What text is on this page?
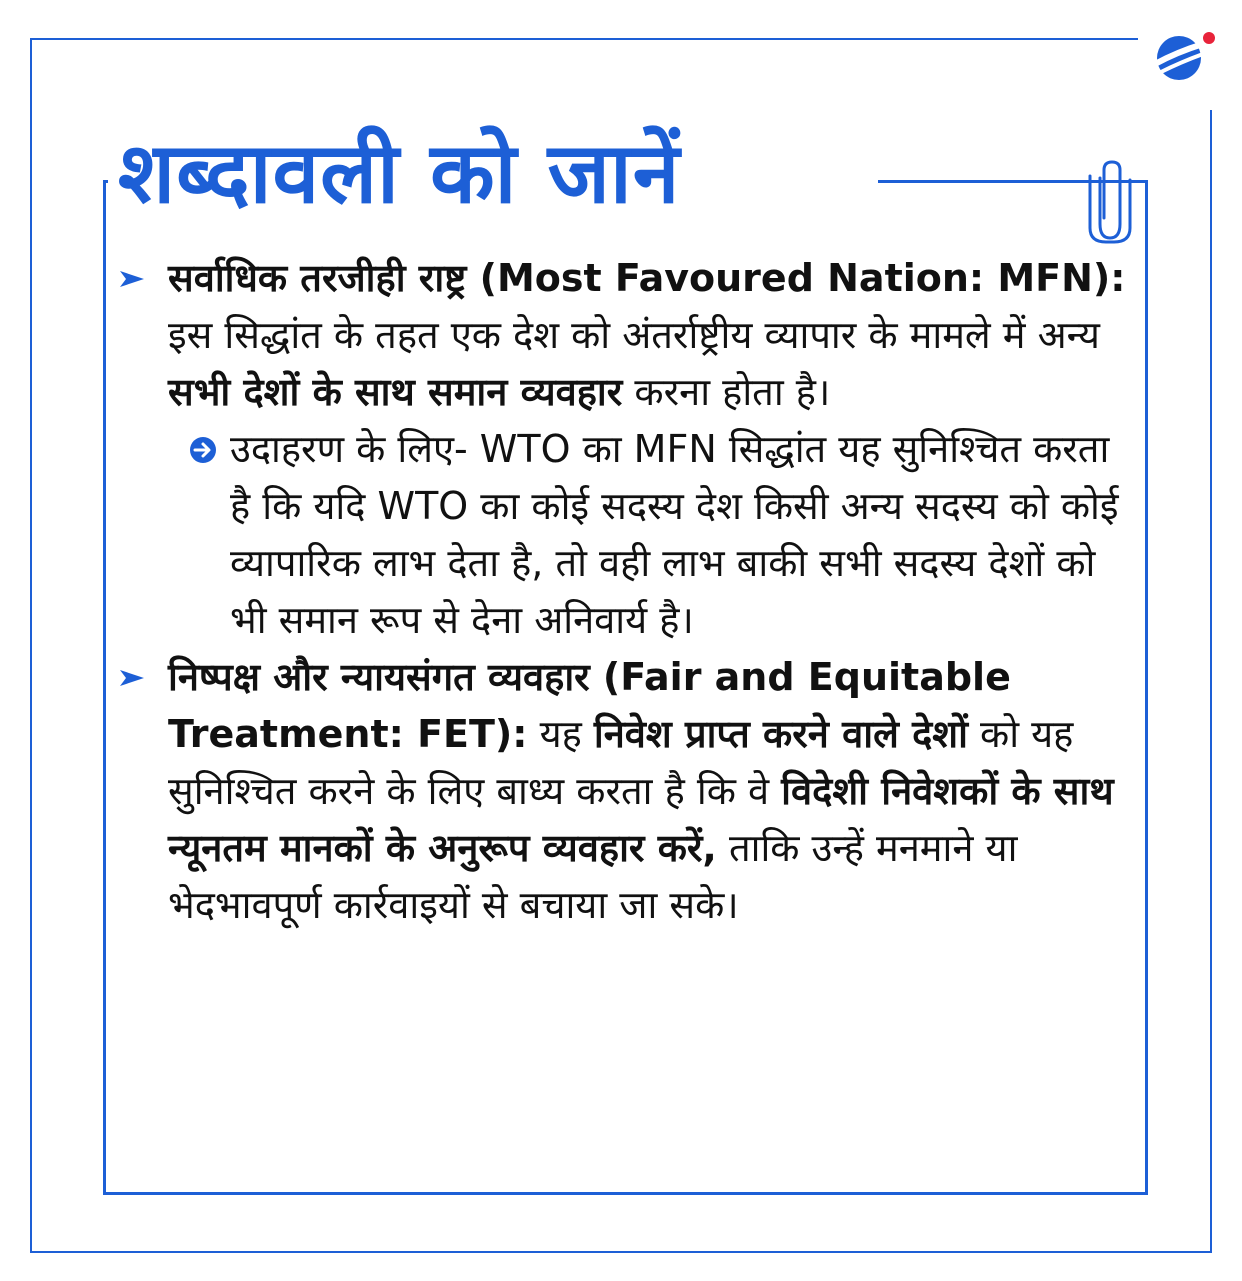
शब्दावली को जानें
सर्वाधिक तरजीही राष्ट्र (Most Favoured Nation: MFN): इस सिद्धांत के तहत एक देश को अंतर्राष्ट्रीय व्यापार के मामले में अन्य सभी देशों के साथ समान व्यवहार करना होता है।
उदाहरण के लिए- WTO का MFN सिद्धांत यह सुनिश्चित करता है कि यदि WTO का कोई सदस्य देश किसी अन्य सदस्य को कोई व्यापारिक लाभ देता है, तो वही लाभ बाकी सभी सदस्य देशों को भी समान रूप से देना अनिवार्य है।
निष्पक्ष और न्यायसंगत व्यवहार (Fair and Equitable Treatment: FET): यह निवेश प्राप्त करने वाले देशों को यह सुनिश्चित करने के लिए बाध्य करता है कि वे विदेशी निवेशकों के साथ न्यूनतम मानकों के अनुरूप व्यवहार करें, ताकि उन्हें मनमाने या भेदभावपूर्ण कार्रवाइयों से बचाया जा सके।
